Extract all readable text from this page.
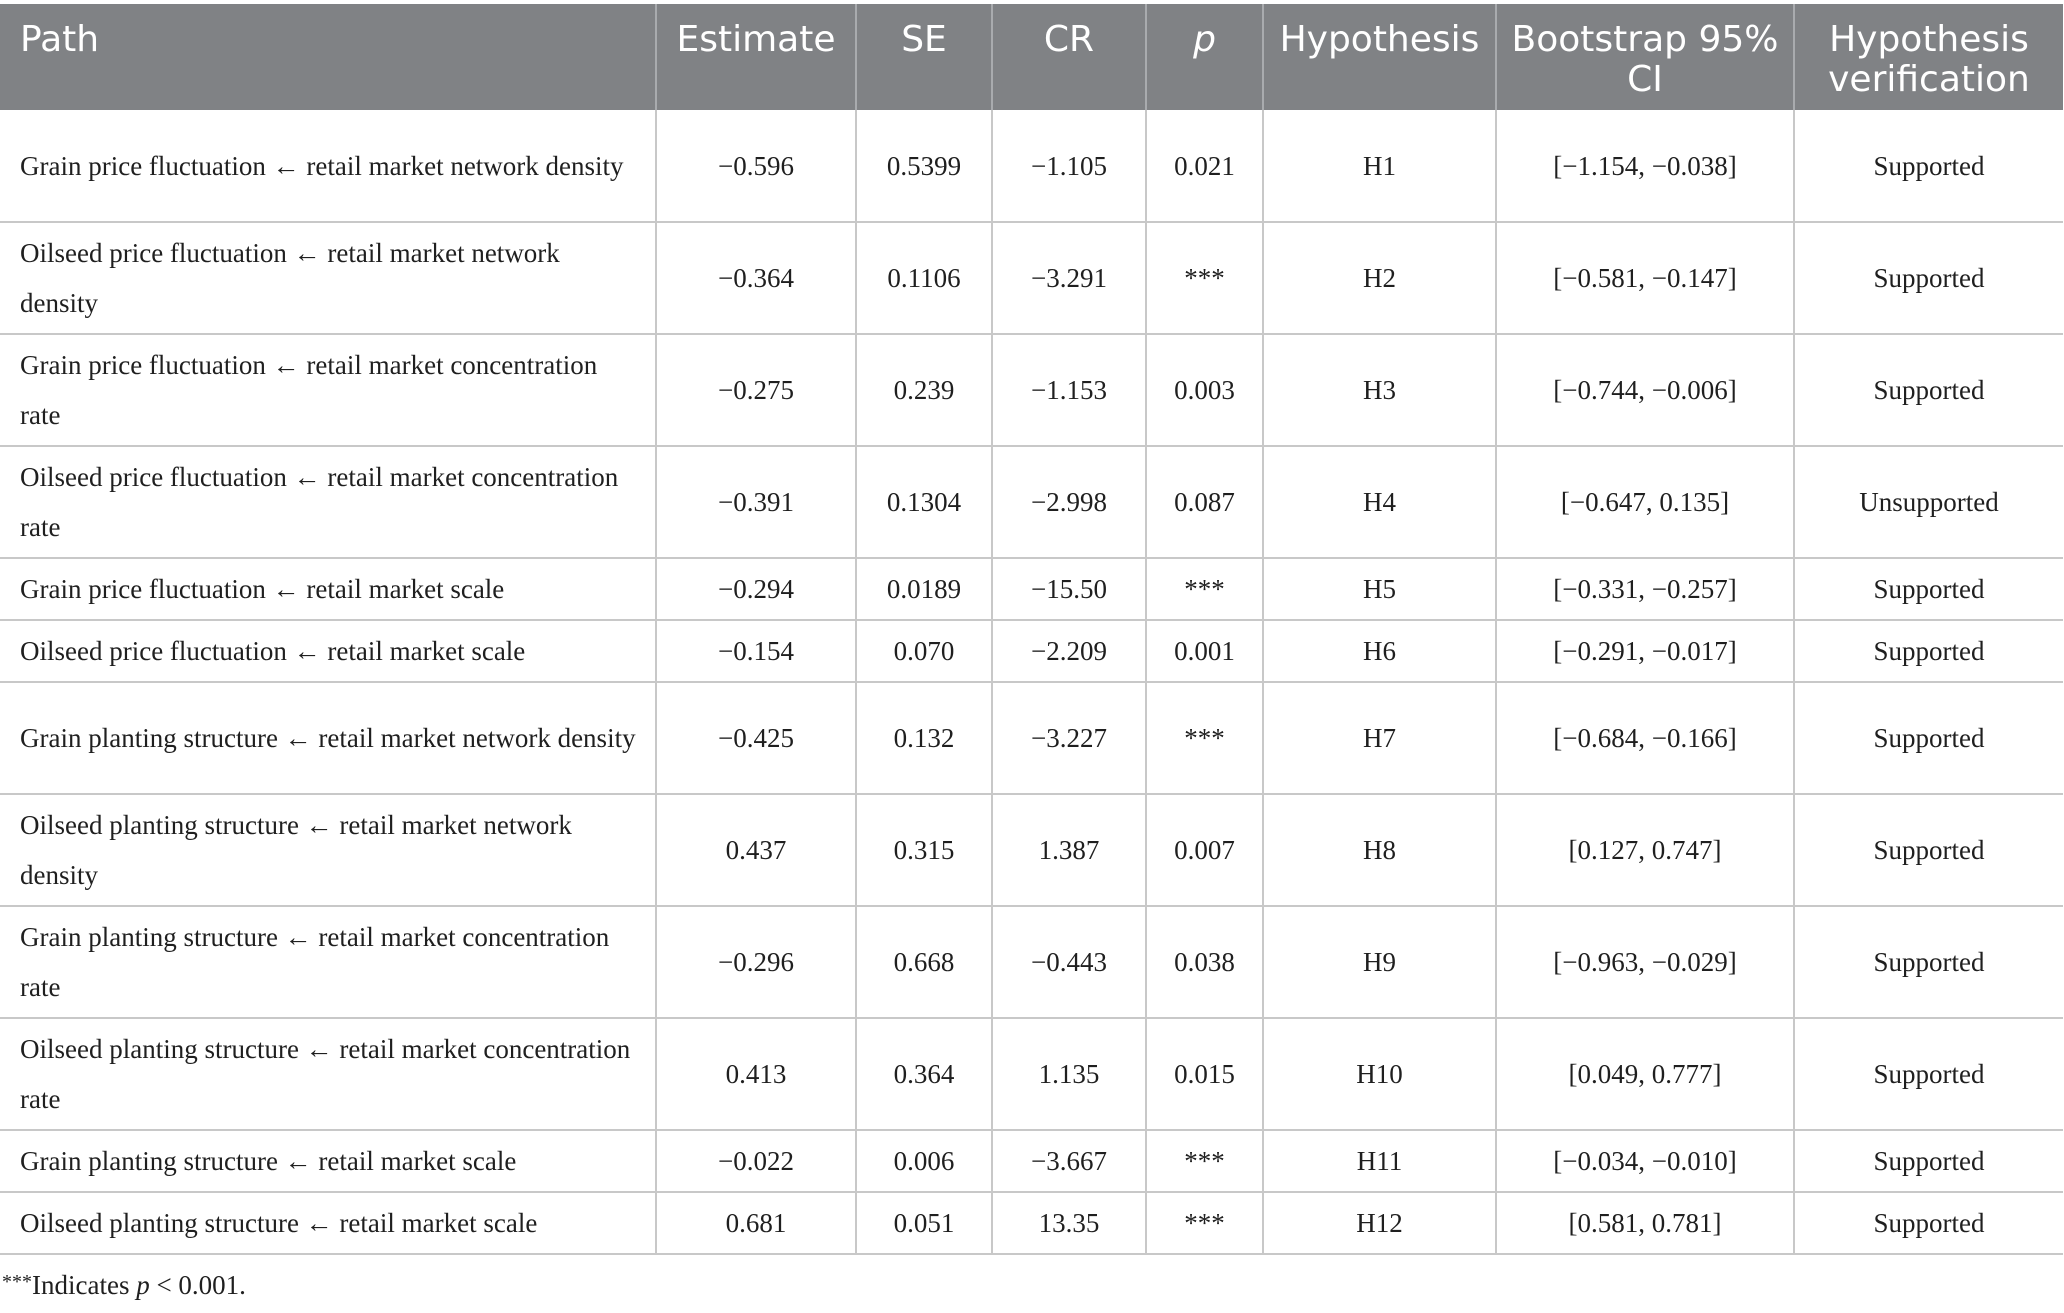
Path	Estimate	SE	CR	p	Hypothesis	Bootstrap 95% CI	Hypothesis verification
Grain price fluctuation ← retail market network density	−0.596	0.5399	−1.105	0.021	H1	[−1.154, −0.038]	Supported
Oilseed price fluctuation ← retail market network density	−0.364	0.1106	−3.291	***	H2	[−0.581, −0.147]	Supported
Grain price fluctuation ← retail market concentration rate	−0.275	0.239	−1.153	0.003	H3	[−0.744, −0.006]	Supported
Oilseed price fluctuation ← retail market concentration rate	−0.391	0.1304	−2.998	0.087	H4	[−0.647, 0.135]	Unsupported
Grain price fluctuation ← retail market scale	−0.294	0.0189	−15.50	***	H5	[−0.331, −0.257]	Supported
Oilseed price fluctuation ← retail market scale	−0.154	0.070	−2.209	0.001	H6	[−0.291, −0.017]	Supported
Grain planting structure ← retail market network density	−0.425	0.132	−3.227	***	H7	[−0.684, −0.166]	Supported
Oilseed planting structure ← retail market network density	0.437	0.315	1.387	0.007	H8	[0.127, 0.747]	Supported
Grain planting structure ← retail market concentration rate	−0.296	0.668	−0.443	0.038	H9	[−0.963, −0.029]	Supported
Oilseed planting structure ← retail market concentration rate	0.413	0.364	1.135	0.015	H10	[0.049, 0.777]	Supported
Grain planting structure ← retail market scale	−0.022	0.006	−3.667	***	H11	[−0.034, −0.010]	Supported
Oilseed planting structure ← retail market scale	0.681	0.051	13.35	***	H12	[0.581, 0.781]	Supported
***Indicates p < 0.001.
